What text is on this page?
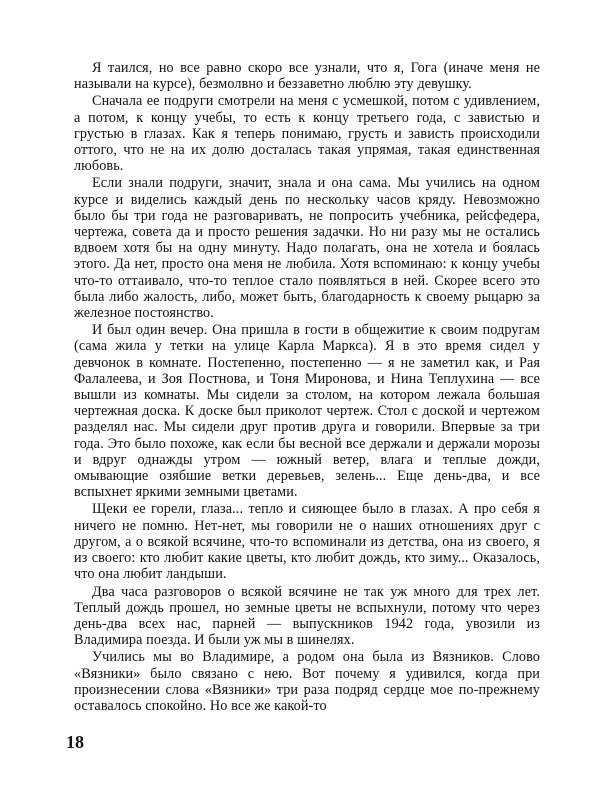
Я таился, но все равно скоро все узнали, что я, Гога (иначе меня не называли на курсе), безмолвно и беззаветно люблю эту девушку.

Сначала ее подруги смотрели на меня с усмешкой, потом с удивлением, а потом, к концу учебы, то есть к концу третьего года, с завистью и грустью в глазах. Как я теперь понимаю, грусть и зависть происходили оттого, что не на их долю досталась такая упрямая, такая единственная любовь.

Если знали подруги, значит, знала и она сама. Мы учились на одном курсе и виделись каждый день по нескольку часов кряду. Невозможно было бы три года не разговаривать, не попросить учебника, рейсфедера, чертежа, совета да и просто решения задачки. Но ни разу мы не остались вдвоем хотя бы на одну минуту. Надо полагать, она не хотела и боялась этого. Да нет, просто она меня не любила. Хотя вспоминаю: к концу учебы что-то оттаивало, что-то теплое стало появляться в ней. Скорее всего это была либо жалость, либо, может быть, благодарность к своему рыцарю за железное постоянство.

И был один вечер. Она пришла в гости в общежитие к своим подругам (сама жила у тетки на улице Карла Маркса). Я в это время сидел у девчонок в комнате. Постепенно, постепенно — я не заметил как, и Рая Фалалеева, и Зоя Постнова, и Тоня Миронова, и Нина Теплухина — все вышли из комнаты. Мы сидели за столом, на котором лежала большая чертежная доска. К доске был приколот чертеж. Стол с доской и чертежом разделял нас. Мы сидели друг против друга и говорили. Впервые за три года. Это было похоже, как если бы весной все держали и держали морозы и вдруг однажды утром — южный ветер, влага и теплые дожди, омывающие озябшие ветки деревьев, зелень... Еще день-два, и все вспыхнет яркими земными цветами.

Щеки ее горели, глаза... тепло и сияющее было в глазах. А про себя я ничего не помню. Нет-нет, мы говорили не о наших отношениях друг с другом, а о всякой всячине, что-то вспоминали из детства, она из своего, я из своего: кто любит какие цветы, кто любит дождь, кто зиму... Оказалось, что она любит ландыши.

Два часа разговоров о всякой всячине не так уж много для трех лет. Теплый дождь прошел, но земные цветы не вспыхнули, потому что через день-два всех нас, парней — выпускников 1942 года, увозили из Владимира поезда. И были уж мы в шинелях.

Учились мы во Владимире, а родом она была из Вязников. Слово «Вязники» было связано с нею. Вот почему я удивился, когда при произнесении слова «Вязники» три раза подряд сердце мое по-прежнему оставалось спокойно. Но все же какой-то

18
